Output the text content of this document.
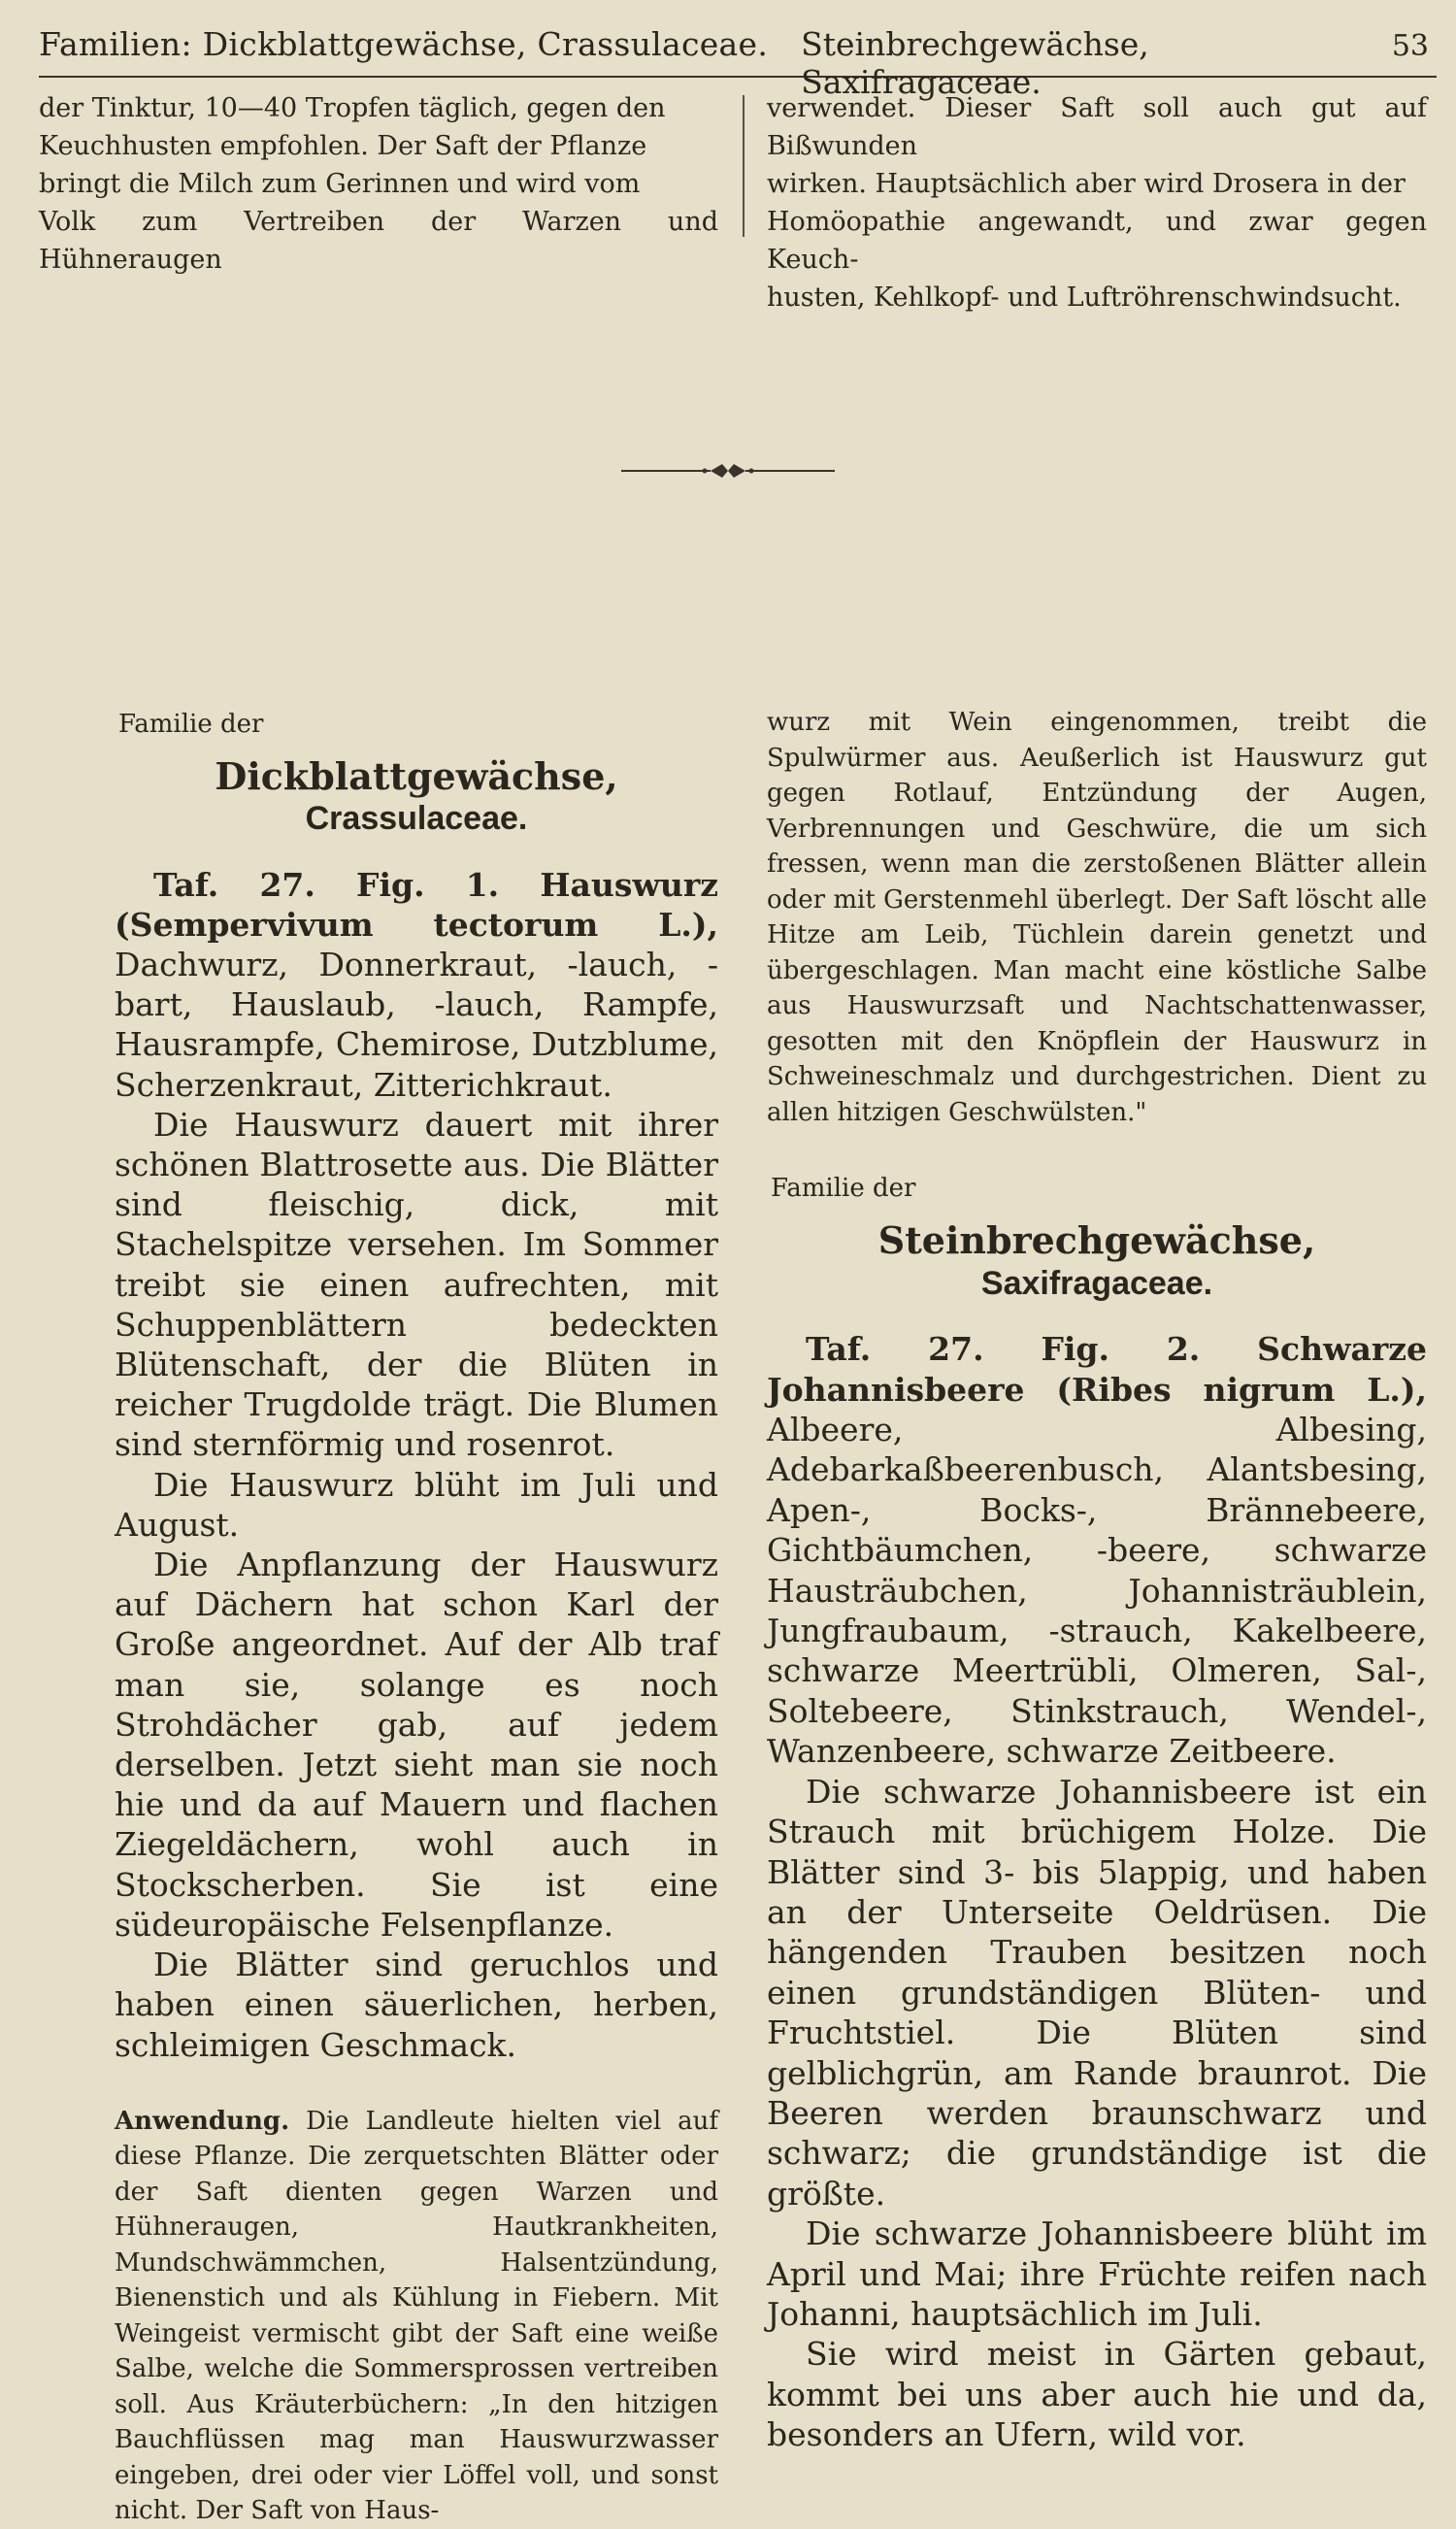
Familien: Dickblattgewächse, Crassulaceae. Steinbrechgewächse, Saxifragaceae.
53
der Tinktur, 10—40 Tropfen täglich, gegen den
Keuchhusten empfohlen. Der Saft der Pflanze
bringt die Milch zum Gerinnen und wird vom
Volk zum Vertreiben der Warzen und Hühneraugen
verwendet. Dieser Saft soll auch gut auf Bißwunden
wirken. Hauptsächlich aber wird Drosera in der
Homöopathie angewandt, und zwar gegen Keuch-
husten, Kehlkopf- und Luftröhrenschwindsucht.
Familie der
Dickblattgewächse, Crassulaceae.

Taf. 27. Fig. 1. Hauswurz (Sempervivum tectorum L.), Dachwurz, Donnerkraut, -lauch, -bart, Hauslaub, -lauch, Rampfe, Hausrampfe, Chemirose, Dutzblume, Scherzenkraut, Zitterichkraut.

Die Hauswurz dauert mit ihrer schönen Blattrosette aus. Die Blätter sind fleischig, dick, mit Stachelspitze versehen. Im Sommer treibt sie einen aufrechten, mit Schuppenblättern bedeckten Blütenschaft, der die Blüten in reicher Trugdolde trägt. Die Blumen sind sternförmig und rosenrot.

Die Hauswurz blüht im Juli und August.

Die Anpflanzung der Hauswurz auf Dächern hat schon Karl der Große angeordnet. Auf der Alb traf man sie, solange es noch Strohdächer gab, auf jedem derselben. Jetzt sieht man sie noch hie und da auf Mauern und flachen Ziegeldächern, wohl auch in Stockscherben. Sie ist eine südeuropäische Felsenpflanze.

Die Blätter sind geruchlos und haben einen säuerlichen, herben, schleimigen Geschmack.

Anwendung. Die Landleute hielten viel auf diese Pflanze. Die zerquetschten Blätter oder der Saft dienten gegen Warzen und Hühneraugen, Hautkrankheiten, Mundschwämmchen, Halsentzündung, Bienenstich und als Kühlung in Fiebern. Mit Weingeist vermischt gibt der Saft eine weiße Salbe, welche die Sommersprossen vertreiben soll. Aus Kräuterbüchern: „In den hitzigen Bauchflüssen mag man Hauswurzwasser eingeben, drei oder vier Löffel voll, und sonst nicht. Der Saft von Haus-

wurz mit Wein eingenommen, treibt die Spulwürmer aus. Aeußerlich ist Hauswurz gut gegen Rotlauf, Entzündung der Augen, Verbrennungen und Geschwüre, die um sich fressen, wenn man die zerstoßenen Blätter allein oder mit Gerstenmehl überlegt. Der Saft löscht alle Hitze am Leib, Tüchlein darein genetzt und übergeschlagen. Man macht eine köstliche Salbe aus Hauswurzsaft und Nachtschattenwasser, gesotten mit den Knöpflein der Hauswurz in Schweineschmalz und durchgestrichen. Dient zu allen hitzigen Geschwülsten."

Familie der
Steinbrechgewächse, Saxifragaceae.

Taf. 27. Fig. 2. Schwarze Johannisbeere (Ribes nigrum L.), Albeere, Albesing, Adebarkaßbeerenbusch, Alantsbesing, Apen-, Bocks-, Brännebeere, Gichtbäumchen, -beere, schwarze Hausträubchen, Johannisträublein, Jungfraubaum, -strauch, Kakelbeere, schwarze Meertrübli, Olmeren, Sal-, Soltebeere, Stinkstrauch, Wendel-, Wanzenbeere, schwarze Zeitbeere.

Die schwarze Johannisbeere ist ein Strauch mit brüchigem Holze. Die Blätter sind 3- bis 5lappig, und haben an der Unterseite Oeldrüsen. Die hängenden Trauben besitzen noch einen grundständigen Blüten- und Fruchtstiel. Die Blüten sind gelblichgrün, am Rande braunrot. Die Beeren werden braunschwarz und schwarz; die grundständige ist die größte.

Die schwarze Johannisbeere blüht im April und Mai; ihre Früchte reifen nach Johanni, hauptsächlich im Juli.

Sie wird meist in Gärten gebaut, kommt bei uns aber auch hie und da, besonders an Ufern, wild vor.
